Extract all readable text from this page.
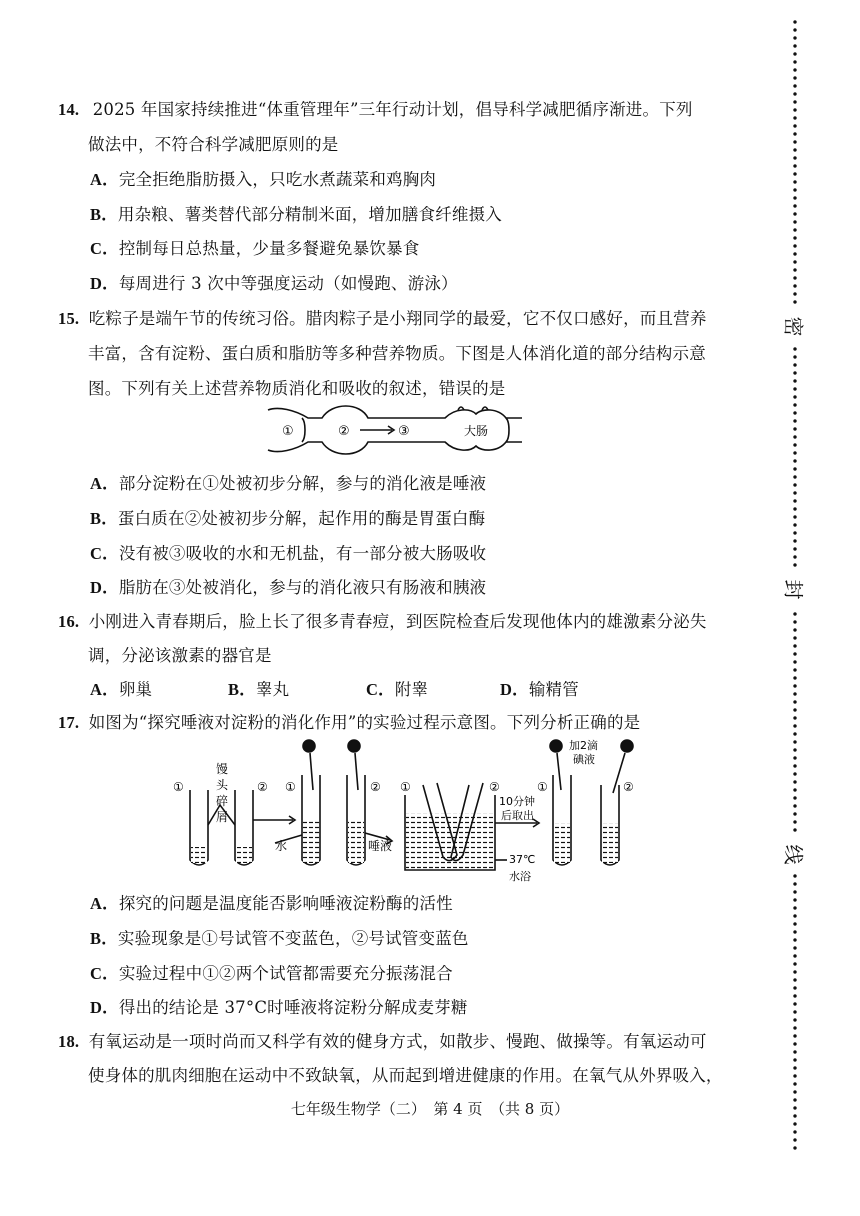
密
封
线
14. 2025 年国家持续推进“体重管理年”三年行动计划，倡导科学减肥循序渐进。下列
做法中，不符合科学减肥原则的是
A．完全拒绝脂肪摄入，只吃水煮蔬菜和鸡胸肉
B．用杂粮、薯类替代部分精制米面，增加膳食纤维摄入
C．控制每日总热量，少量多餐避免暴饮暴食
D．每周进行 3 次中等强度运动（如慢跑、游泳）
15. 吃粽子是端午节的传统习俗。腊肉粽子是小翔同学的最爱，它不仅口感好，而且营养
丰富，含有淀粉、蛋白质和脂肪等多种营养物质。下图是人体消化道的部分结构示意
图。下列有关上述营养物质消化和吸收的叙述，错误的是
①	②	③	大肠
A．部分淀粉在①处被初步分解，参与的消化液是唾液
B．蛋白质在②处被初步分解，起作用的酶是胃蛋白酶
C．没有被③吸收的水和无机盐，有一部分被大肠吸收
D．脂肪在③处被消化，参与的消化液只有肠液和胰液
16. 小刚进入青春期后，脸上长了很多青春痘，到医院检查后发现他体内的雄激素分泌失
调，分泌该激素的器官是
A．卵巢	B．睾丸	C．附睾	D．输精管
17. 如图为“探究唾液对淀粉的消化作用”的实验过程示意图。下列分析正确的是
①	②
馒
头
碎
屑
水
①	②
唾液
①	②
10分钟
后取出
37℃
水浴
①	②
加2滴
碘液
A．探究的问题是温度能否影响唾液淀粉酶的活性
B．实验现象是①号试管不变蓝色，②号试管变蓝色
C．实验过程中①②两个试管都需要充分振荡混合
D．得出的结论是 37°C时唾液将淀粉分解成麦芽糖
18. 有氧运动是一项时尚而又科学有效的健身方式，如散步、慢跑、做操等。有氧运动可
使身体的肌肉细胞在运动中不致缺氧，从而起到增进健康的作用。在氧气从外界吸入，
七年级生物学（二）　第 4 页　（共 8 页）
